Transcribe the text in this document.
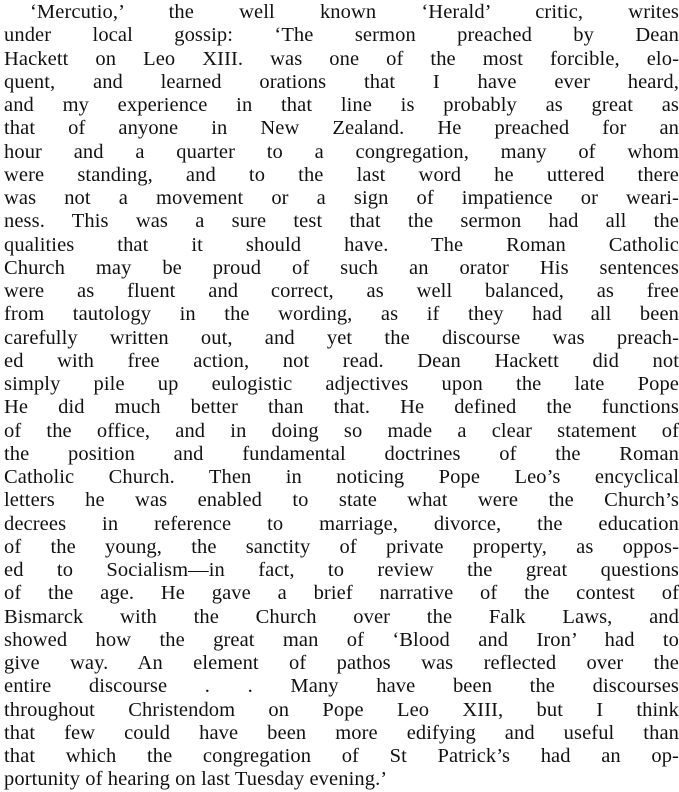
‘Mercutio,’ the well known ‘Herald’ critic, writes
under local gossip: ‘The sermon preached by Dean
Hackett on Leo XIII. was one of the most forcible, elo-
quent, and learned orations that I have ever heard,
and my experience in that line is probably as great as
that of anyone in New Zealand. He preached for an
hour and a quarter to a congregation, many of whom
were standing, and to the last word he uttered there
was not a movement or a sign of impatience or weari-
ness. This was a sure test that the sermon had all the
qualities that it should have. The Roman Catholic
Church may be proud of such an orator His sentences
were as fluent and correct, as well balanced, as free
from tautology in the wording, as if they had all been
carefully written out, and yet the discourse was preach-
ed with free action, not read. Dean Hackett did not
simply pile up eulogistic adjectives upon the late Pope
He did much better than that. He defined the functions
of the office, and in doing so made a clear statement of
the position and fundamental doctrines of the Roman
Catholic Church. Then in noticing Pope Leo’s encyclical
letters he was enabled to state what were the Church’s
decrees in reference to marriage, divorce, the education
of the young, the sanctity of private property, as oppos-
ed to Socialism—in fact, to review the great questions
of the age. He gave a brief narrative of the contest of
Bismarck with the Church over the Falk Laws, and
showed how the great man of ‘Blood and Iron’ had to
give way. An element of pathos was reflected over the
entire discourse . . Many have been the discourses
throughout Christendom on Pope Leo XIII, but I think
that few could have been more edifying and useful than
that which the congregation of St Patrick’s had an op-
portunity of hearing on last Tuesday evening.’
